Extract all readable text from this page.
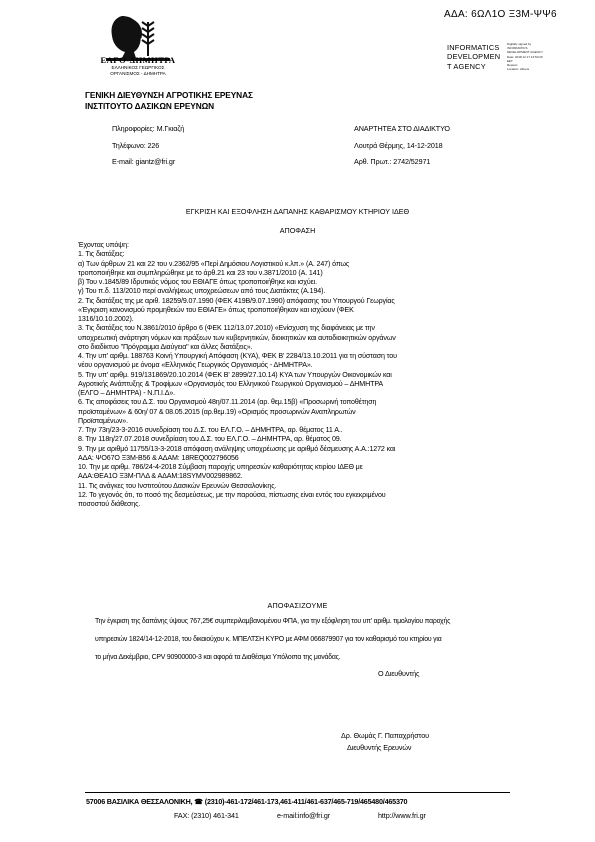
ΑΔΑ: 6ΩΛ1Ο Ξ3Μ-ΨΨ6
ΕΛΓΟ-ΔΗΜΗΤΡΑ
ΕΛΛΗΝΙΚΟΣ ΓΕΩΡΓΙΚΟΣ
ΟΡΓΑΝΙΣΜΟΣ - ΔΗΜΗΤΡΑ
INFORMATICS
DEVELOPMEN
T AGENCY
Digitally signed by
INFORMATICS
DEVELOPMENT AGENCY
Date: 2018.12.17 13:50:29
EET
Reason:
Location: Athens
ΓΕΝΙΚΗ ΔΙΕΥΘΥΝΣΗ ΑΓΡΟΤΙΚΗΣ ΕΡΕΥΝΑΣ
ΙΝΣΤΙΤΟΥΤΟ ΔΑΣΙΚΩΝ ΕΡΕΥΝΩΝ
Πληροφορίες: Μ.Γκιαζή
Τηλέφωνο: 226
E-mail: giantz@fri.gr
ΑΝΑΡΤΗΤΕΑ ΣΤΟ ΔΙΑΔΙΚΤΥΟ
Λουτρά Θέρμης, 14-12-2018
Αρθ. Πρωτ.: 2742/52971
ΕΓΚΡΙΣΗ ΚΑΙ ΕΞΟΦΛΗΣΗ ΔΑΠΑΝΗΣ ΚΑΘΑΡΙΣΜΟΥ ΚΤΗΡΙΟΥ ΙΔΕΘ
ΑΠΟΦΑΣΗ
Έχοντας υπόψη:
1. Τις διατάξεις:
α) Των άρθρων 21 και 22 του ν.2362/95 «Περί Δημόσιου Λογιστικού κ.λπ.» (Α. 247) όπως
τροποποιήθηκε και συμπληρώθηκε με το άρθ.21 και 23 του ν.3871/2010 (Α. 141)
β) Του ν.1845/89 Ιδρυτικός νόμος του ΕΘΙΑΓΕ όπως τροποποιήθηκε και ισχύει.
γ) Του π.δ. 113/2010 περί αναλήψεως υποχρεώσεων από τους Διατάκτες (Α.194).
2. Τις διατάξεις της με αριθ. 18259/9.07.1990 (ΦΕΚ 419Β/9.07.1990) απόφασης του Υπουργού Γεωργίας
«Έγκριση κανονισμού προμηθειών του ΕΘΙΑΓΕ» όπως τροποποιήθηκαν και ισχύουν (ΦΕΚ
1316/10.10.2002).
3. Τις διατάξεις του Ν.3861/2010 άρθρο 6 (ΦΕΚ 112/13.07.2010) «Ενίσχυση της διαφάνειας με την
υποχρεωτική ανάρτηση νόμων και πράξεων των κυβερνητικών, διοικητικών και αυτοδιοικητικών οργάνων
στο διαδίκτυο "Πρόγραμμα Διαύγεια" και άλλες διατάξεις».
4. Την υπ' αριθμ. 188763 Κοινή Υπουργική Απόφαση (ΚΥΑ), ΦΕΚ Β' 2284/13.10.2011 για τη σύσταση του
νέου οργανισμού με όνομα «Ελληνικός Γεωργικός Οργανισμός - ΔΗΜΗΤΡΑ».
5. Την υπ' αριθμ. 919/131869/20.10.2014 (ΦΕΚ Β' 2899/27.10.14) ΚΥΑ των Υπουργών Οικονομικών και
Αγροτικής Ανάπτυξης & Τροφίμων «Οργανισμός του Ελληνικού Γεωργικού Οργανισμού – ΔΗΜΗΤΡΑ
(ΕΛΓΟ – ΔΗΜΗΤΡΑ) - Ν.Π.Ι.Δ».
6. Τις αποφάσεις του Δ.Σ. του Οργανισμού 48η/07.11.2014 (αρ. θεμ.15β) «Προσωρινή τοποθέτηση
προϊσταμένων» & 60η/ 07 & 08.05.2015 (αρ.θεμ.19) «Ορισμός προσωρινών Αναπληρωτών
Προϊσταμένων».
7. Την 73η/23-3-2016 συνεδρίαση του Δ.Σ. του ΕΛ.Γ.Ο. – ΔΗΜΗΤΡΑ, αρ. θέματος 11 Α..
8. Την 118η/27.07.2018 συνεδρίαση του Δ.Σ. του ΕΛ.Γ.Ο. – ΔΗΜΗΤΡΑ, αρ. θέματος 09.
9. Την με αριθμό 11755/13-3-2018 απόφαση ανάληψης υποχρέωσης με αριθμό δέσμευσης Α.Α.:1272 και
ΑΔΑ: ΨΟ67Ο Ξ3Μ-Β56 & ΑΔΑΜ: 18REQ002796056
10. Την με αριθμ. 786/24-4-2018 Σύμβαση παροχής υπηρεσιών καθαριότητας κτιρίου ΙΔΕΘ με
ΑΔΑ:ΘΕΑ1Ο Ξ3Μ-ΠΛΔ & ΑΔΑΜ:18SYMV002989862.
11. Τις ανάγκες του Ινστιτούτου Δασικών Ερευνών Θεσσαλονίκης.
12. Το γεγονός ότι, το ποσό της δεσμεύσεως, με την παρούσα, πίστωσης είναι εντός του εγκεκριμένου
ποσοστού διάθεσης.
ΑΠΟΦΑΣΙΖΟΥΜΕ
Την έγκριση της δαπάνης ύψους 767,25€ συμπεριλαμβανομένου ΦΠΑ, για την εξόφληση του υπ' αριθμ. τιμολογίου παροχής
υπηρεσιών 1824/14-12-2018, του δικαιούχου κ. ΜΠΕΛΤΣΗ ΚΥΡΟ με ΑΦΜ 066879907 για τον καθαρισμό του κτηρίου για
το μήνα Δεκέμβριο, CPV 90900000-3 και αφορά τα Διαθέσιμα Υπόλοιπα της μονάδας.
Ο Διευθυντής
Δρ. Θωμάς Γ. Παπαχρήστου
Διευθυντής Ερευνών
57006 ΒΑΣΙΛΙΚΑ ΘΕΣΣΑΛΟΝΙΚΗ, ☎ (2310)-461-172/461-173,461-411/461-637/465-719/465480/465370
FAX: (2310) 461-341	e-mail:info@fri.gr	http://www.fri.gr
